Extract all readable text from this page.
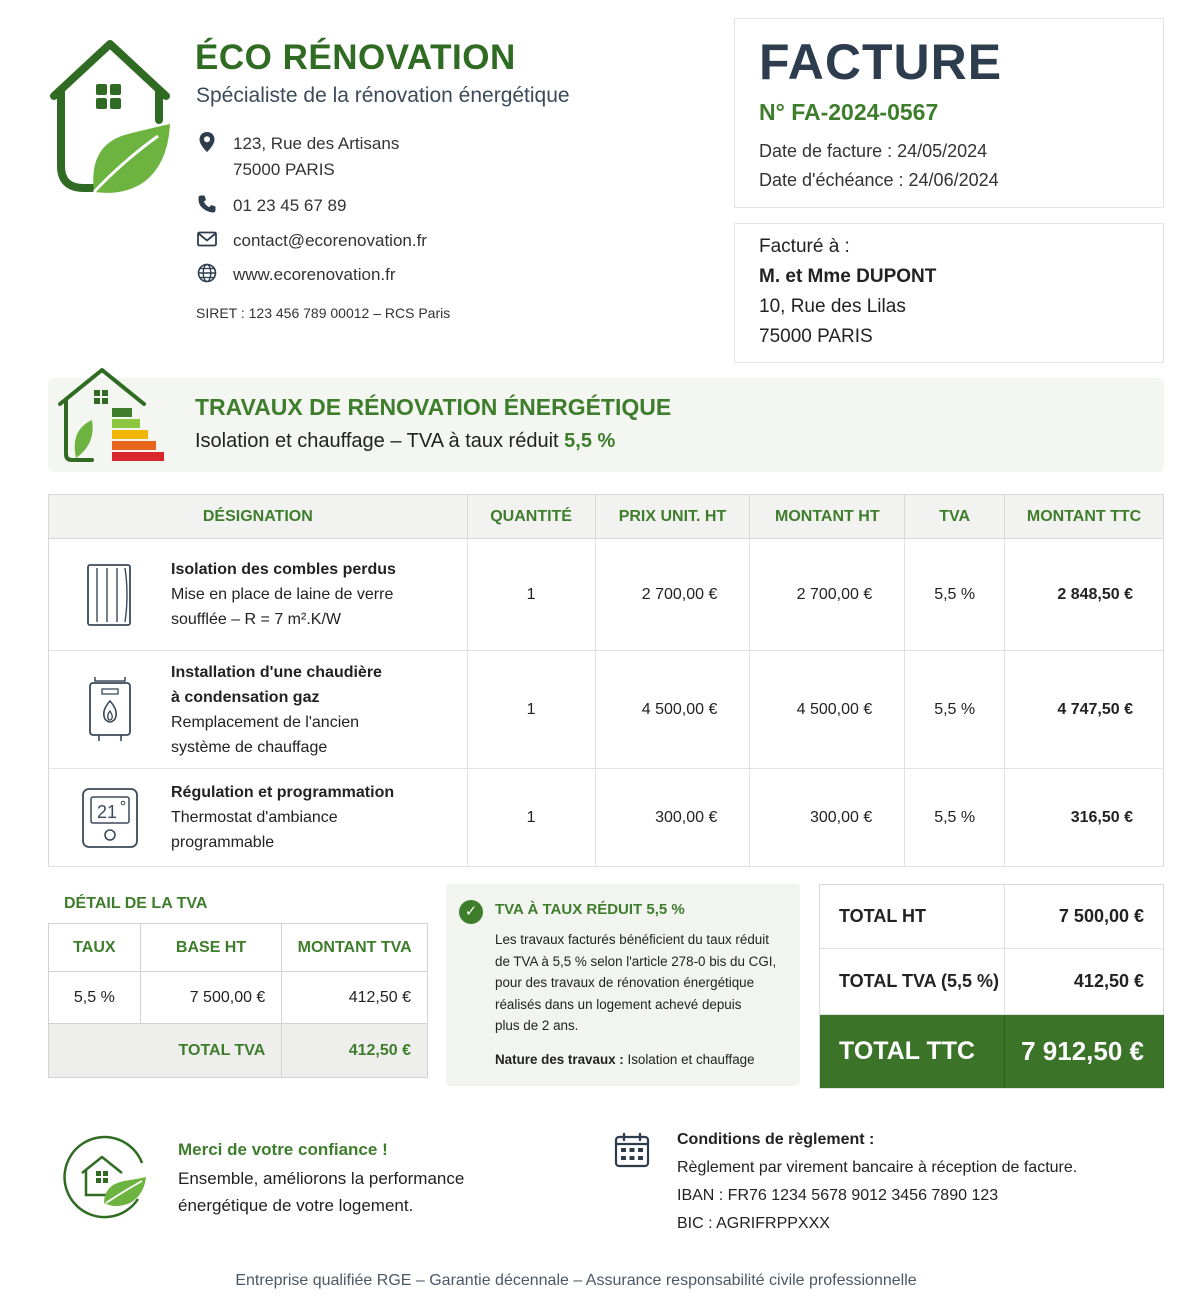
ÉCO RÉNOVATION
Spécialiste de la rénovation énergétique
123, Rue des Artisans
75000 PARIS
01 23 45 67 89
contact@ecorenovation.fr
www.ecorenovation.fr
SIRET : 123 456 789 00012 – RCS Paris
FACTURE
N° FA-2024-0567
Date de facture : 24/05/2024
Date d'échéance : 24/06/2024
Facturé à :
M. et Mme DUPONT
10, Rue des Lilas
75000 PARIS
TRAVAUX DE RÉNOVATION ÉNERGÉTIQUE
Isolation et chauffage – TVA à taux réduit 5,5 %
DÉSIGNATION	QUANTITÉ	PRIX UNIT. HT	MONTANT HT	TVA	MONTANT TTC

Isolation des combles perdus
Mise en place de laine de verre
soufflée – R = 7 m².K/W	1	2 700,00 €	2 700,00 €	5,5 %	2 848,50 €

Installation d'une chaudière
à condensation gaz
Remplacement de l'ancien
système de chauffage	1	4 500,00 €	4 500,00 €	5,5 %	4 747,50 €

21
Régulation et programmation
Thermostat d'ambiance
programmable	1	300,00 €	300,00 €	5,5 %	316,50 €
DÉTAIL DE LA TVA
TAUX	BASE HT	MONTANT TVA
5,5 %	7 500,00 €	412,50 €
TOTAL TVA		412,50 €
✓	TVA À TAUX RÉDUIT 5,5 %
Les travaux facturés bénéficient du taux réduit
de TVA à 5,5 % selon l'article 278-0 bis du CGI,
pour des travaux de rénovation énergétique
réalisés dans un logement achevé depuis
plus de 2 ans.
Nature des travaux : Isolation et chauffage
TOTAL HT	7 500,00 €
TOTAL TVA (5,5 %)	412,50 €
TOTAL TTC	7 912,50 €
Merci de votre confiance !
Ensemble, améliorons la performance
énergétique de votre logement.
Conditions de règlement :
Règlement par virement bancaire à réception de facture.
IBAN : FR76 1234 5678 9012 3456 7890 123
BIC : AGRIFRPPXXX
Entreprise qualifiée RGE – Garantie décennale – Assurance responsabilité civile professionnelle
